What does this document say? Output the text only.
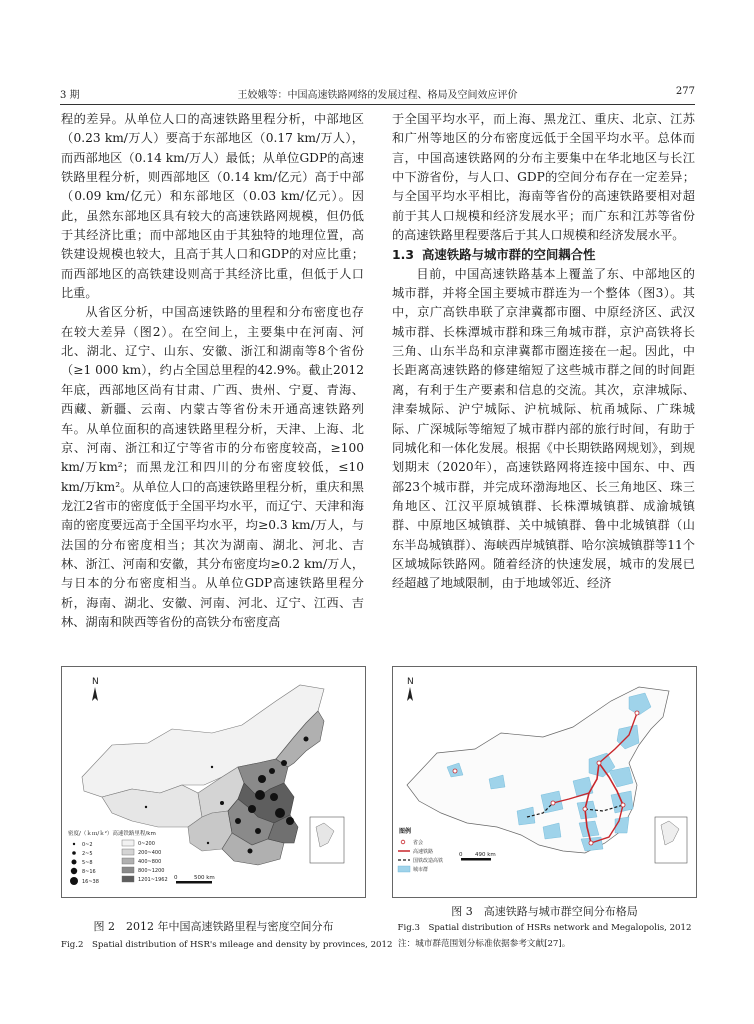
3 期	王姣娥等：中国高速铁路网络的发展过程、格局及空间效应评价	277

程的差异。从单位人口的高速铁路里程分析，中部地区（0.23 km/万人）要高于东部地区（0.17 km/万人），而西部地区（0.14 km/万人）最低；从单位GDP的高速铁路里程分析，则西部地区（0.14 km/亿元）高于中部（0.09 km/亿元）和东部地区（0.03 km/亿元）。因此，虽然东部地区具有较大的高速铁路网规模，但仍低于其经济比重；而中部地区由于其独特的地理位置，高铁建设规模也较大，且高于其人口和GDP的对应比重；而西部地区的高铁建设则高于其经济比重，但低于人口比重。

从省区分析，中国高速铁路的里程和分布密度也存在较大差异（图2）。在空间上，主要集中在河南、河北、湖北、辽宁、山东、安徽、浙江和湖南等8个省份（≥1 000 km），约占全国总里程的42.9%。截止2012年底，西部地区尚有甘肃、广西、贵州、宁夏、青海、西藏、新疆、云南、内蒙古等省份未开通高速铁路列车。从单位面积的高速铁路里程分析，天津、上海、北京、河南、浙江和辽宁等省市的分布密度较高，≥100 km/万km²；而黑龙江和四川的分布密度较低，≤10 km/万km²。从单位人口的高速铁路里程分析，重庆和黑龙江2省市的密度低于全国平均水平，而辽宁、天津和海南的密度要远高于全国平均水平，均≥0.3 km/万人，与法国的分布密度相当；其次为湖南、湖北、河北、吉林、浙江、河南和安徽，其分布密度均≥0.2 km/万人，与日本的分布密度相当。从单位GDP高速铁路里程分析，海南、湖北、安徽、河南、河北、辽宁、江西、吉林、湖南和陕西等省份的高铁分布密度高

于全国平均水平，而上海、黑龙江、重庆、北京、江苏和广州等地区的分布密度远低于全国平均水平。总体而言，中国高速铁路网的分布主要集中在华北地区与长江中下游省份，与人口、GDP的空间分布存在一定差异；与全国平均水平相比，海南等省份的高速铁路要相对超前于其人口规模和经济发展水平；而广东和江苏等省份的高速铁路里程要落后于其人口规模和经济发展水平。

1.3 高速铁路与城市群的空间耦合性

目前，中国高速铁路基本上覆盖了东、中部地区的城市群，并将全国主要城市群连为一个整体（图3）。其中，京广高铁串联了京津冀都市圈、中原经济区、武汉城市群、长株潭城市群和珠三角城市群，京沪高铁将长三角、山东半岛和京津冀都市圈连接在一起。因此，中长距离高速铁路的修建缩短了这些城市群之间的时间距离，有利于生产要素和信息的交流。其次，京津城际、津秦城际、沪宁城际、沪杭城际、杭甬城际、广珠城际、广深城际等缩短了城市群内部的旅行时间，有助于同城化和一体化发展。根据《中长期铁路网规划》，到规划期末（2020年），高速铁路网将连接中国东、中、西部23个城市群，并完成环渤海地区、长三角地区、珠三角地区、江汉平原城镇群、长株潭城镇群、成渝城镇群、中原地区城镇群、关中城镇群、鲁中北城镇群（山东半岛城镇群）、海峡西岸城镇群、哈尔滨城镇群等11个区域城际铁路网。随着经济的快速发展，城市的发展已经超越了地域限制，由于地域邻近、经济

N
密度/（ｋｍ/ｋ²）高速铁路里程/km
0~2
2~5
5~8
8~16
16~38
0~200
200~400
400~800
800~1200
1201~1962 0	500 km
图 2　2012 年中国高速铁路里程与密度空间分布
Fig.2　Spatial distribution of HSR's mileage and density by provinces, 2012
N
图例
省会
高速铁路
国铁改造高铁
城市群
0 490 km
图 3　高速铁路与城市群空间分布格局
Fig.3　Spatial distribution of HSRs network and Megalopolis, 2012
注：城市群范围划分标准依据参考文献[27]。
